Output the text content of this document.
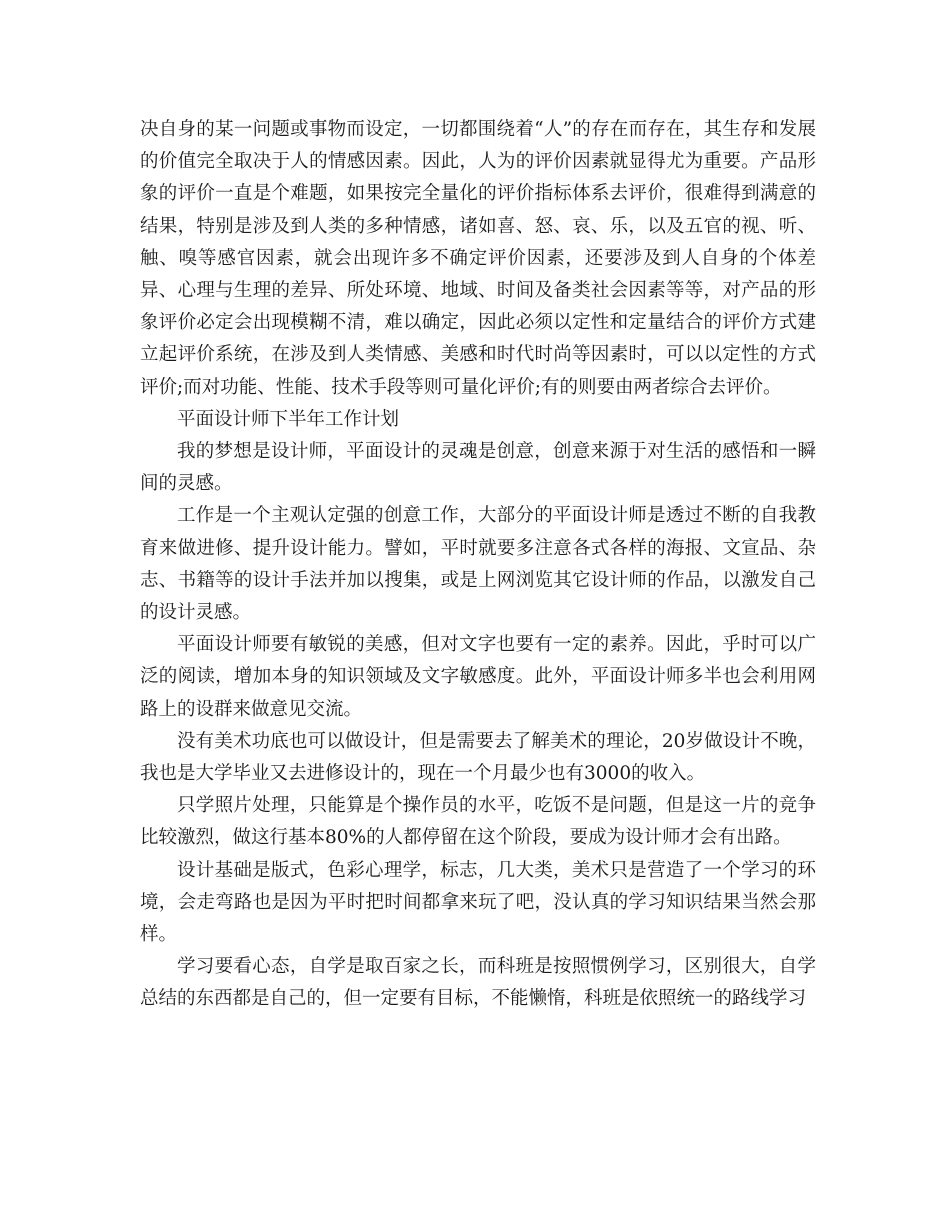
决自身的某一问题或事物而设定，一切都围绕着“人”的存在而存在，其生存和发展的价值完全取决于人的情感因素。因此，人为的评价因素就显得尤为重要。产品形象的评价一直是个难题，如果按完全量化的评价指标体系去评价，很难得到满意的结果，特别是涉及到人类的多种情感，诸如喜、怒、哀、乐，以及五官的视、听、触、嗅等感官因素，就会出现许多不确定评价因素，还要涉及到人自身的个体差异、心理与生理的差异、所处环境、地域、时间及备类社会因素等等，对产品的形象评价必定会出现模糊不清，难以确定，因此必须以定性和定量结合的评价方式建立起评价系统，在涉及到人类情感、美感和时代时尚等因素时，可以以定性的方式评价;而对功能、性能、技术手段等则可量化评价;有的则要由两者综合去评价。

平面设计师下半年工作计划

我的梦想是设计师，平面设计的灵魂是创意，创意来源于对生活的感悟和一瞬间的灵感。

工作是一个主观认定强的创意工作，大部分的平面设计师是透过不断的自我教育来做进修、提升设计能力。譬如，平时就要多注意各式各样的海报、文宣品、杂志、书籍等的设计手法并加以搜集，或是上网浏览其它设计师的作品，以激发自己的设计灵感。

平面设计师要有敏锐的美感，但对文字也要有一定的素养。因此，乎时可以广泛的阅读，增加本身的知识领域及文字敏感度。此外，平面设计师多半也会利用网路上的设群来做意见交流。

没有美术功底也可以做设计，但是需要去了解美术的理论，20岁做设计不晚，我也是大学毕业又去进修设计的，现在一个月最少也有3000的收入。

只学照片处理，只能算是个操作员的水平，吃饭不是问题，但是这一片的竞争比较激烈，做这行基本80%的人都停留在这个阶段，要成为设计师才会有出路。

设计基础是版式，色彩心理学，标志，几大类，美术只是营造了一个学习的环境，会走弯路也是因为平时把时间都拿来玩了吧，没认真的学习知识结果当然会那样。

学习要看心态，自学是取百家之长，而科班是按照惯例学习，区别很大，自学总结的东西都是自己的，但一定要有目标，不能懒惰，科班是依照统一的路线学习
